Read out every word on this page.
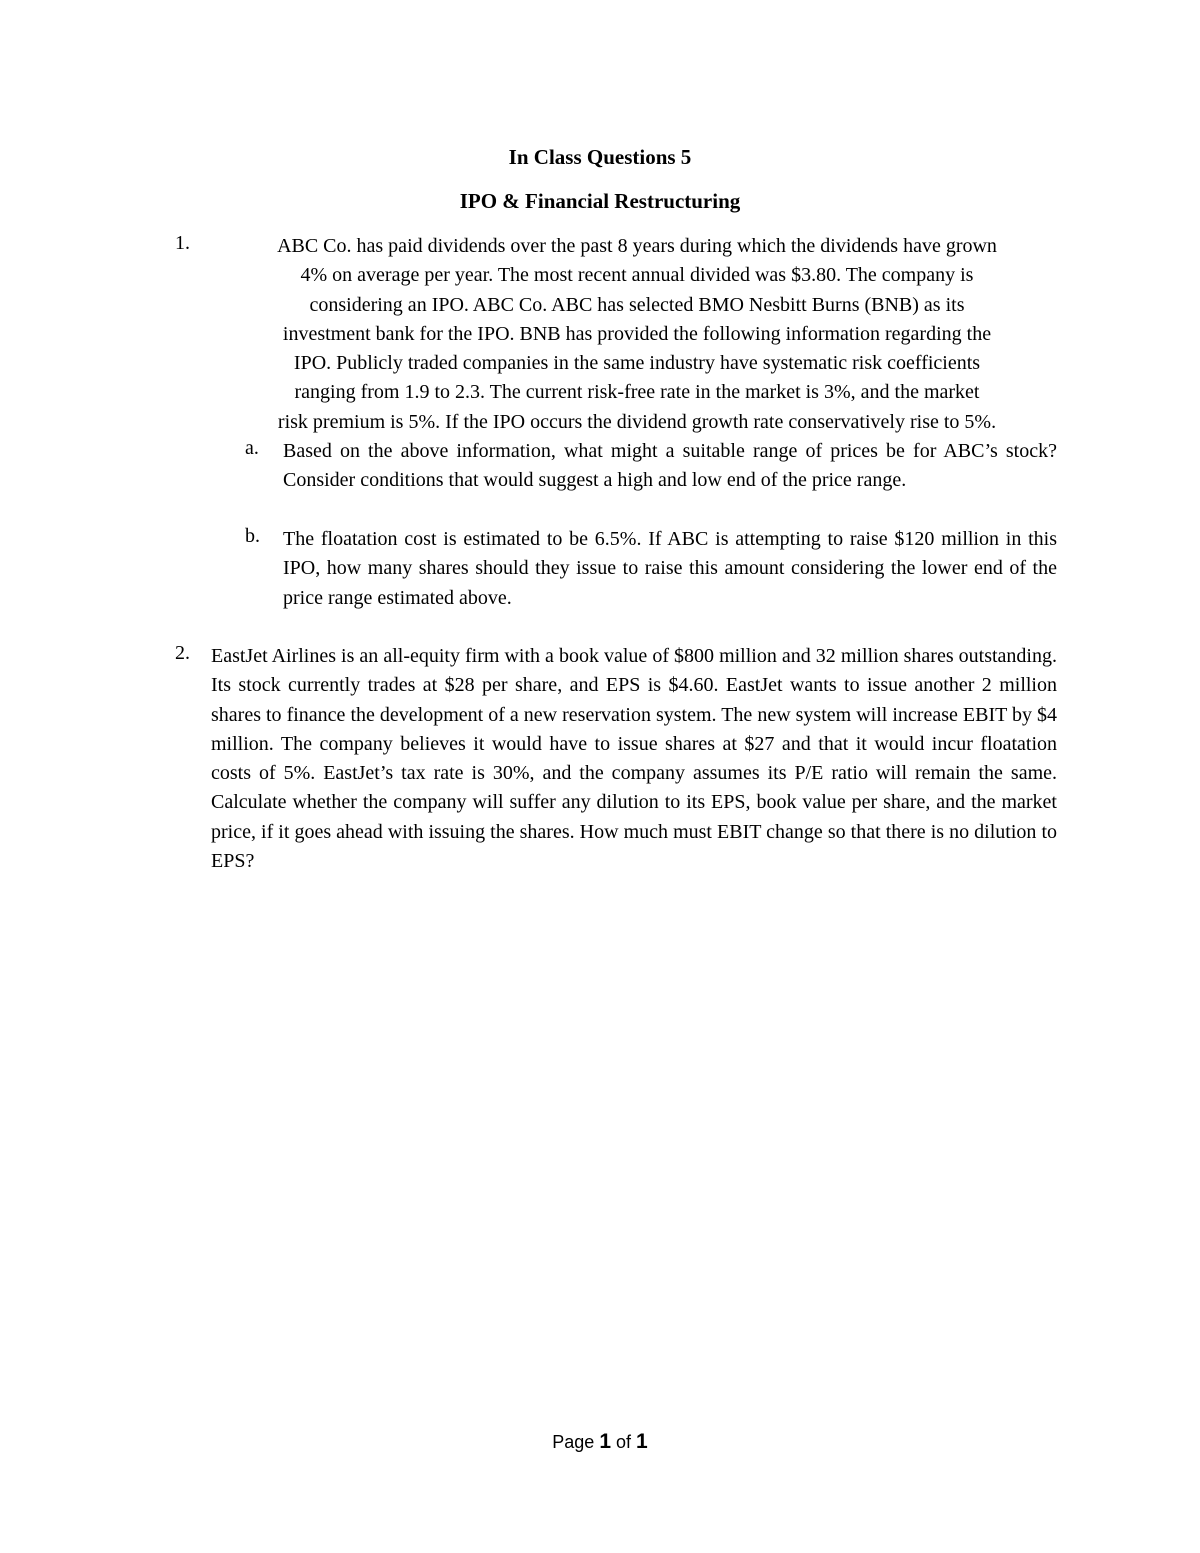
In Class Questions 5
IPO & Financial Restructuring
1.	ABC Co. has paid dividends over the past 8 years during which the dividends have grown
4% on average per year. The most recent annual divided was $3.80. The company is
considering an IPO. ABC Co. ABC has selected BMO Nesbitt Burns (BNB) as its
investment bank for the IPO. BNB has provided the following information regarding the
IPO. Publicly traded companies in the same industry have systematic risk coefficients
ranging from 1.9 to 2.3. The current risk-free rate in the market is 3%, and the market
risk premium is 5%. If the IPO occurs the dividend growth rate conservatively rise to 5%.
a. Based on the above information, what might a suitable range of prices be for ABC’s stock? Consider conditions that would suggest a high and low end of the price range.
b. The floatation cost is estimated to be 6.5%. If ABC is attempting to raise $120 million in this IPO, how many shares should they issue to raise this amount considering the lower end of the price range estimated above.
2. EastJet Airlines is an all-equity firm with a book value of $800 million and 32 million shares outstanding. Its stock currently trades at $28 per share, and EPS is $4.60. EastJet wants to issue another 2 million shares to finance the development of a new reservation system. The new system will increase EBIT by $4 million. The company believes it would have to issue shares at $27 and that it would incur floatation costs of 5%. EastJet’s tax rate is 30%, and the company assumes its P/E ratio will remain the same. Calculate whether the company will suffer any dilution to its EPS, book value per share, and the market price, if it goes ahead with issuing the shares. How much must EBIT change so that there is no dilution to EPS?
Page 1 of 1
